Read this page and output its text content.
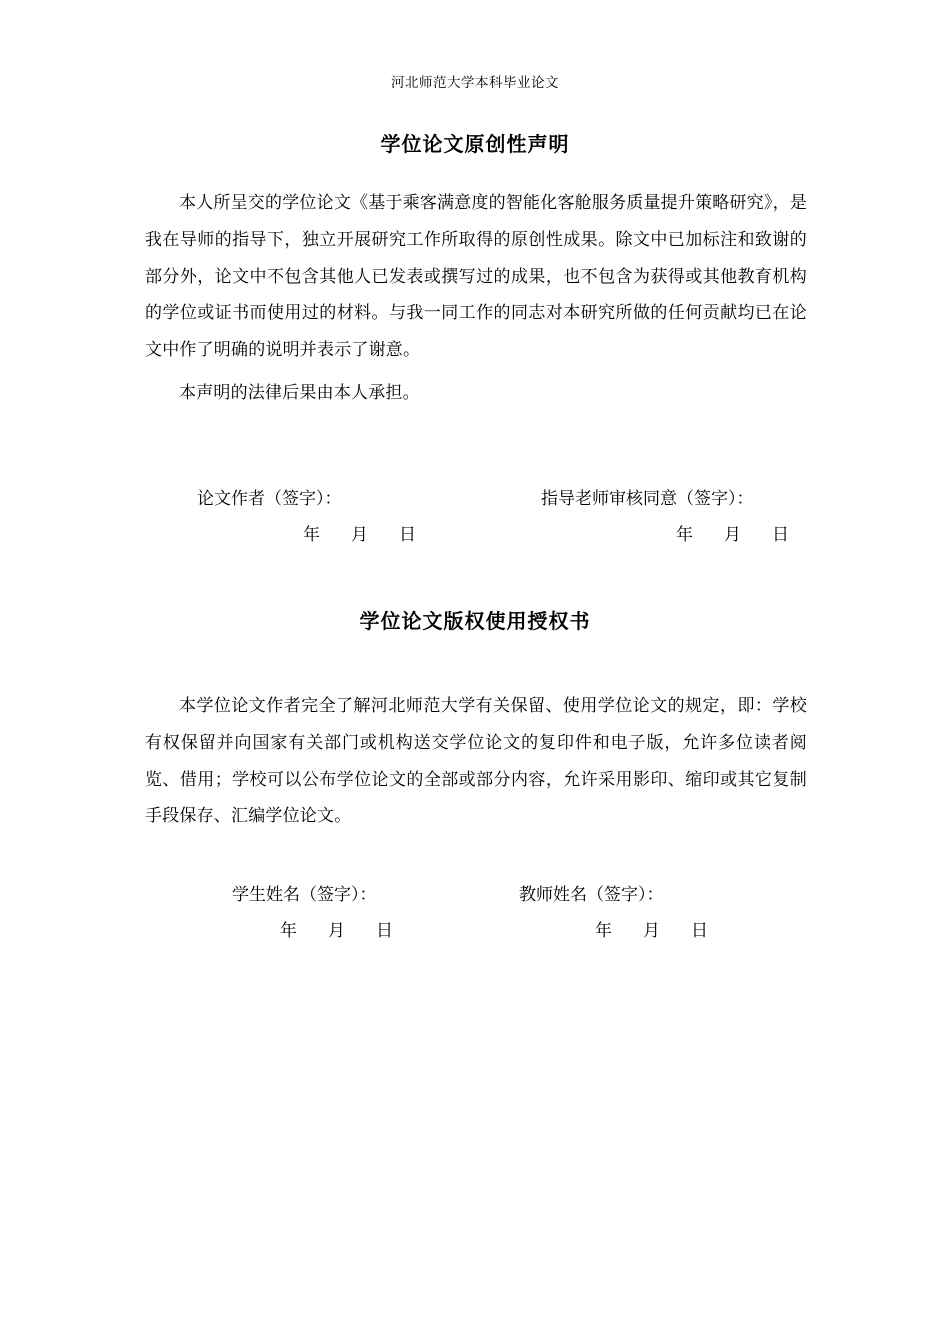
河北师范大学本科毕业论文
学位论文原创性声明
本人所呈交的学位论文《基于乘客满意度的智能化客舱服务质量提升策略研究》，是我在导师的指导下，独立开展研究工作所取得的原创性成果。除文中已加标注和致谢的部分外，论文中不包含其他人已发表或撰写过的成果，也不包含为获得或其他教育机构的学位或证书而使用过的材料。与我一同工作的同志对本研究所做的任何贡献均已在论文中作了明确的说明并表示了谢意。
本声明的法律后果由本人承担。
论文作者（签字）：	指导老师审核同意（签字）：
年 月 日	年 月 日
学位论文版权使用授权书
本学位论文作者完全了解河北师范大学有关保留、使用学位论文的规定，即：学校有权保留并向国家有关部门或机构送交学位论文的复印件和电子版，允许多位读者阅览、借用；学校可以公布学位论文的全部或部分内容，允许采用影印、缩印或其它复制手段保存、汇编学位论文。
学生姓名（签字）：	教师姓名（签字）：
年 月 日	年 月 日
